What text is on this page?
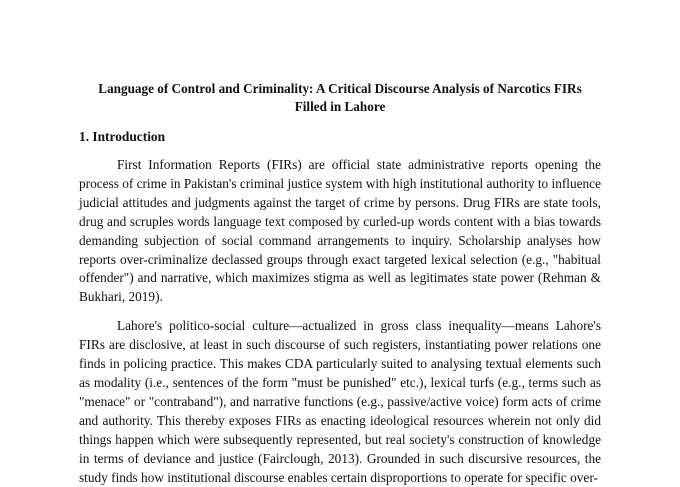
Language of Control and Criminality: A Critical Discourse Analysis of Narcotics FIRs Filled in Lahore
1. Introduction

First Information Reports (FIRs) are official state administrative reports opening the process of crime in Pakistan's criminal justice system with high institutional authority to influence judicial attitudes and judgments against the target of crime by persons. Drug FIRs are state tools, drug and scruples words language text composed by curled-up words content with a bias towards demanding subjection of social command arrangements to inquiry. Scholarship analyses how reports over-criminalize declassed groups through exact targeted lexical selection (e.g., "habitual offender") and narrative, which maximizes stigma as well as legitimates state power (Rehman & Bukhari, 2019).

Lahore's politico-social culture—actualized in gross class inequality—means Lahore's FIRs are disclosive, at least in such discourse of such registers, instantiating power relations one finds in policing practice. This makes CDA particularly suited to analysing textual elements such as modality (i.e., sentences of the form "must be punished" etc.), lexical turfs (e.g., terms such as "menace" or "contraband"), and narrative functions (e.g., passive/active voice) form acts of crime and authority. This thereby exposes FIRs as enacting ideological resources wherein not only did things happen which were subsequently represented, but real society's construction of knowledge in terms of deviance and justice (Fairclough, 2013). Grounded in such discursive resources, the study finds how institutional discourse enables certain disproportions to operate for specific over-
